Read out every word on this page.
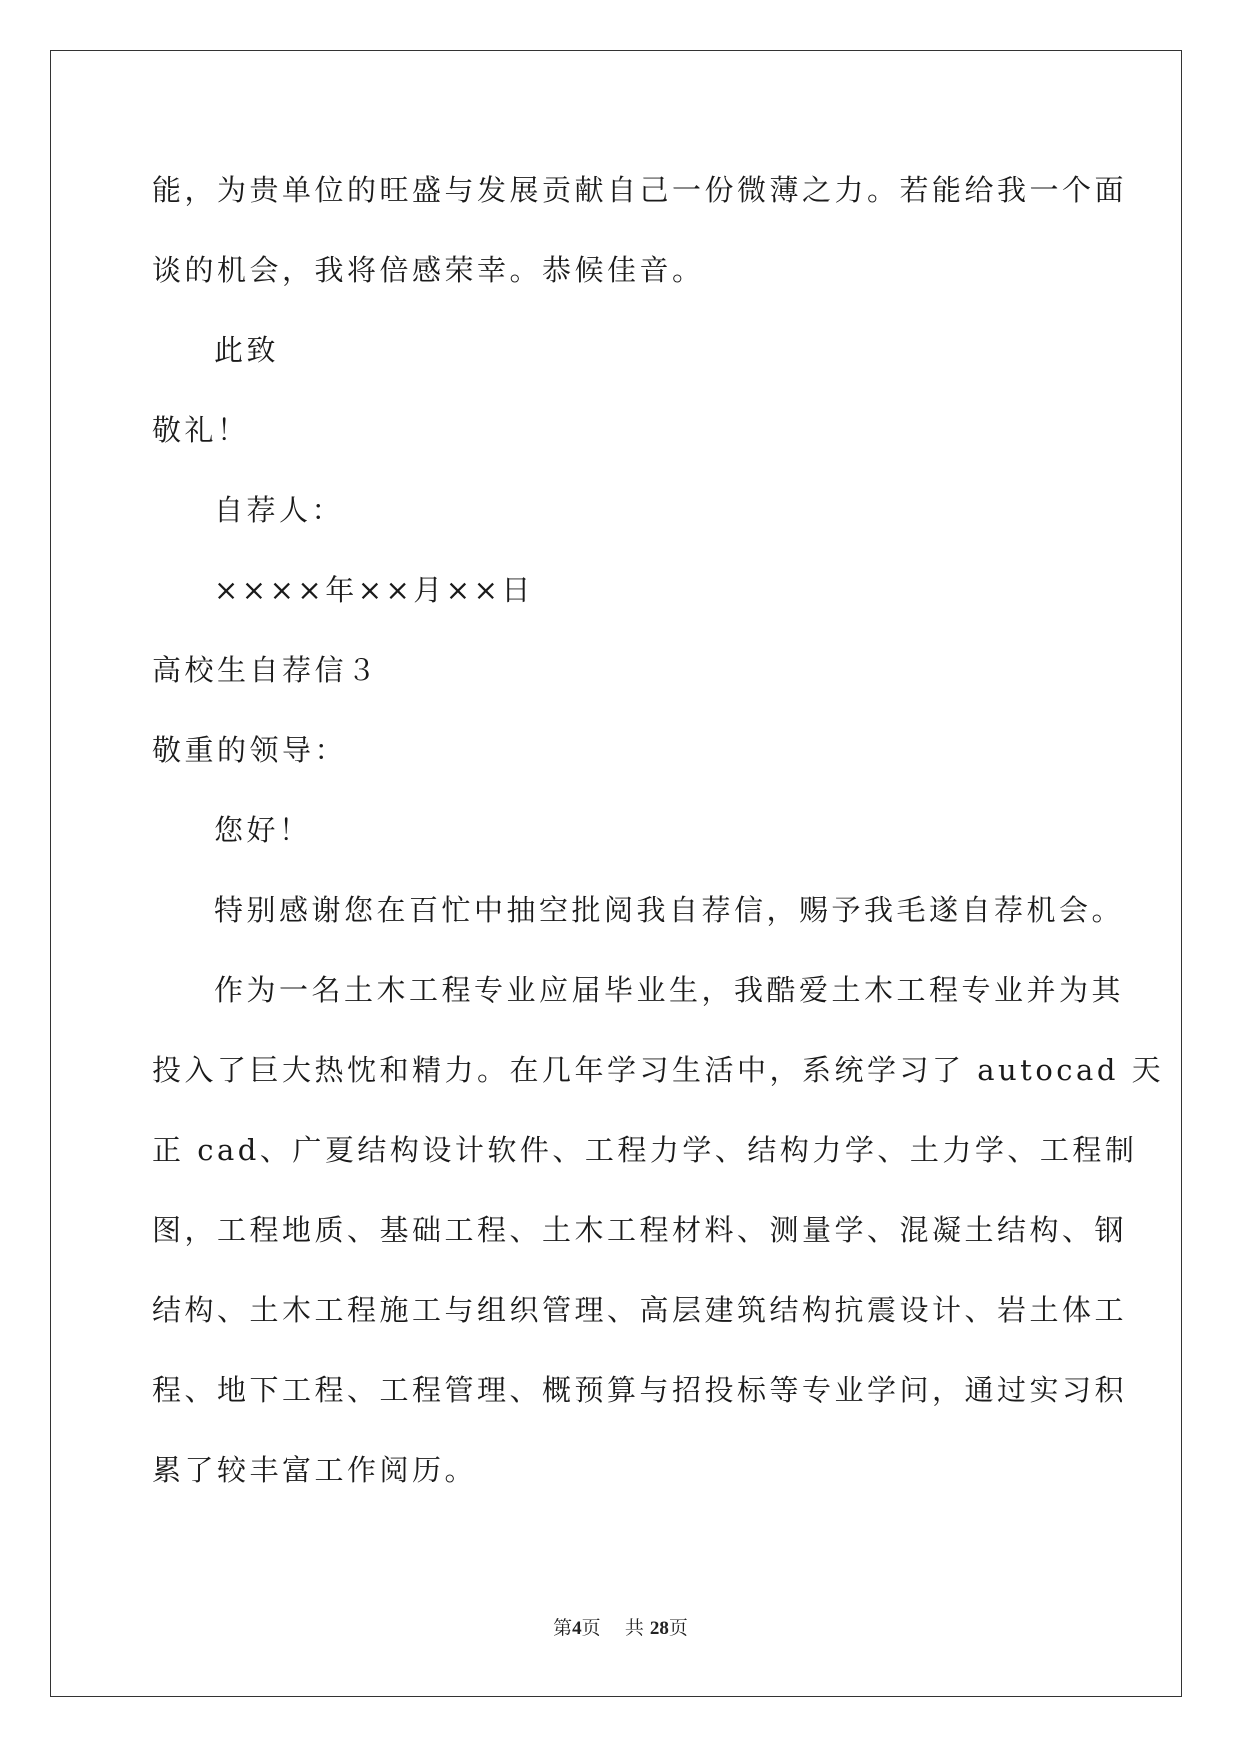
能，为贵单位的旺盛与发展贡献自己一份微薄之力。若能给我一个面
谈的机会，我将倍感荣幸。恭候佳音。
此致
敬礼！
自荐人：
××××年××月××日
高校生自荐信３
敬重的领导：
您好！
特别感谢您在百忙中抽空批阅我自荐信，赐予我毛遂自荐机会。
作为一名土木工程专业应届毕业生，我酷爱土木工程专业并为其
投入了巨大热忱和精力。在几年学习生活中，系统学习了 autocad 天
正 cad、广夏结构设计软件、工程力学、结构力学、土力学、工程制
图，工程地质、基础工程、土木工程材料、测量学、混凝土结构、钢
结构、土木工程施工与组织管理、高层建筑结构抗震设计、岩土体工
程、地下工程、工程管理、概预算与招投标等专业学问，通过实习积
累了较丰富工作阅历。
第4页 共 28页
